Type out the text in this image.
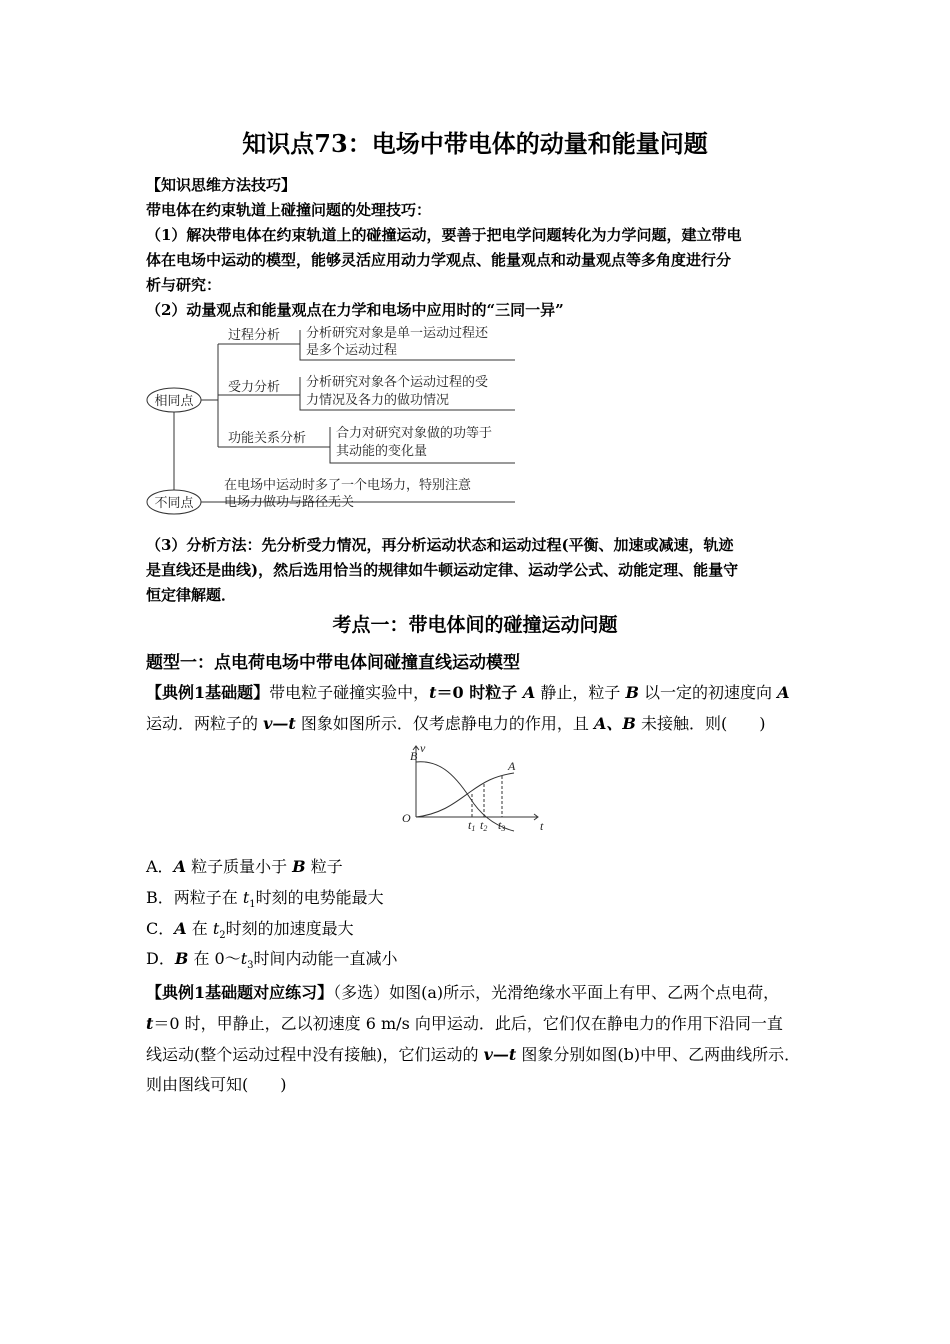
知识点73：电场中带电体的动量和能量问题
【知识思维方法技巧】
带电体在约束轨道上碰撞问题的处理技巧：
（1）解决带电体在约束轨道上的碰撞运动，要善于把电学问题转化为力学问题，建立带电
体在电场中运动的模型，能够灵活应用动力学观点、能量观点和动量观点等多角度进行分
析与研究：
（2）动量观点和能量观点在力学和电场中应用时的“三同一异”
相同点
不同点
过程分析 分析研究对象是单一运动过程还
是多个运动过程
受力分析 分析研究对象各个运动过程的受
力情况及各力的做功情况
功能关系分析 合力对研究对象做的功等于
其动能的变化量
在电场中运动时多了一个电场力，特别注意
电场力做功与路径无关
（3）分析方法：先分析受力情况，再分析运动状态和运动过程(平衡、加速或减速，轨迹
是直线还是曲线)，然后选用恰当的规律如牛顿运动定律、运动学公式、动能定理、能量守
恒定律解题．
考点一：带电体间的碰撞运动问题
题型一：点电荷电场中带电体间碰撞直线运动模型
【典例1基础题】带电粒子碰撞实验中，t＝0 时粒子 A 静止，粒子 B 以一定的初速度向 A
运动．两粒子的 v—t 图象如图所示．仅考虑静电力的作用，且 A、B 未接触．则(　　)
v
t
O
B
A
t1 t2 t3
A．A 粒子质量小于 B 粒子
B．两粒子在 $t_1$时刻的电势能最大
C．A 在 $t_2$时刻的加速度最大
D．B 在 $0\sim t_3$时间内动能一直减小
【典例1基础题对应练习】（多选）如图(a)所示，光滑绝缘水平面上有甲、乙两个点电荷，
t＝0 时，甲静止，乙以初速度 6 m/s 向甲运动．此后，它们仅在静电力的作用下沿同一直
线运动(整个运动过程中没有接触)，它们运动的 v—t 图象分别如图(b)中甲、乙两曲线所示．
则由图线可知(　　)
